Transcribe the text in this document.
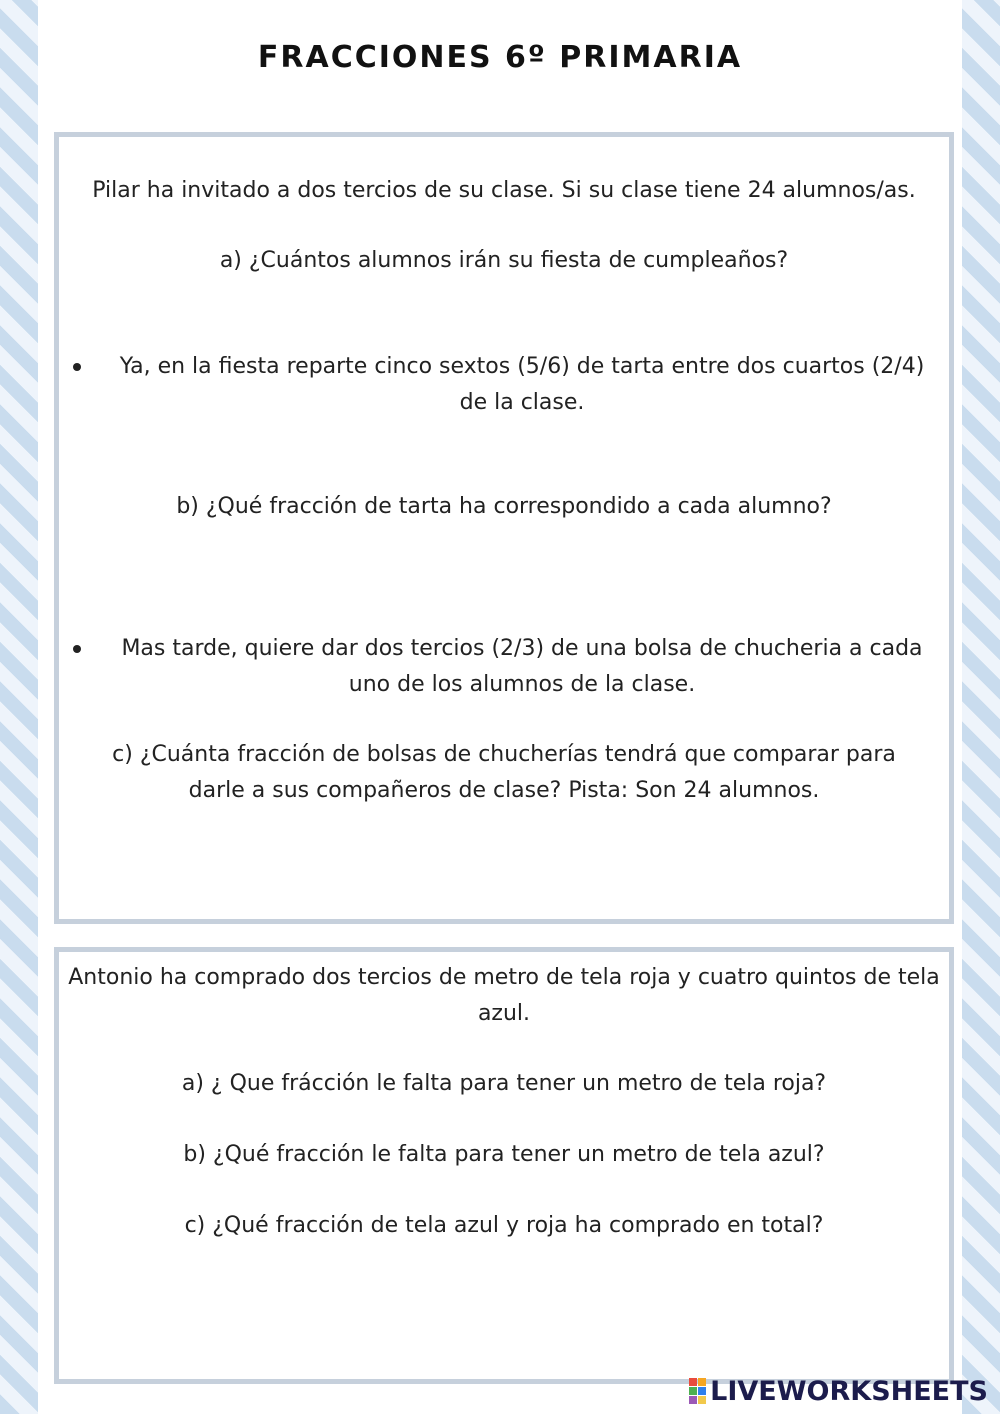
FRACCIONES 6º PRIMARIA
Pilar ha invitado a dos tercios de su clase. Si su clase tiene 24 alumnos/as.
a) ¿Cuántos alumnos irán su fiesta de cumpleaños?
Ya, en la fiesta reparte cinco sextos (5/6) de tarta entre dos cuartos (2/4) de la clase.
b) ¿Qué fracción de tarta ha correspondido a cada alumno?
Mas tarde, quiere dar dos tercios (2/3) de una bolsa de chucheria a cada uno de los alumnos de la clase.
c) ¿Cuánta fracción de bolsas de chucherías tendrá que comparar para darle a sus compañeros de clase? Pista: Son 24 alumnos.
Antonio ha comprado dos tercios de metro de tela roja y cuatro quintos de tela azul.
a) ¿ Que frácción le falta para tener un metro de tela roja?
b) ¿Qué fracción le falta para tener un metro de tela azul?
c) ¿Qué fracción de tela azul y roja ha comprado en total?
LIVEWORKSHEETS
